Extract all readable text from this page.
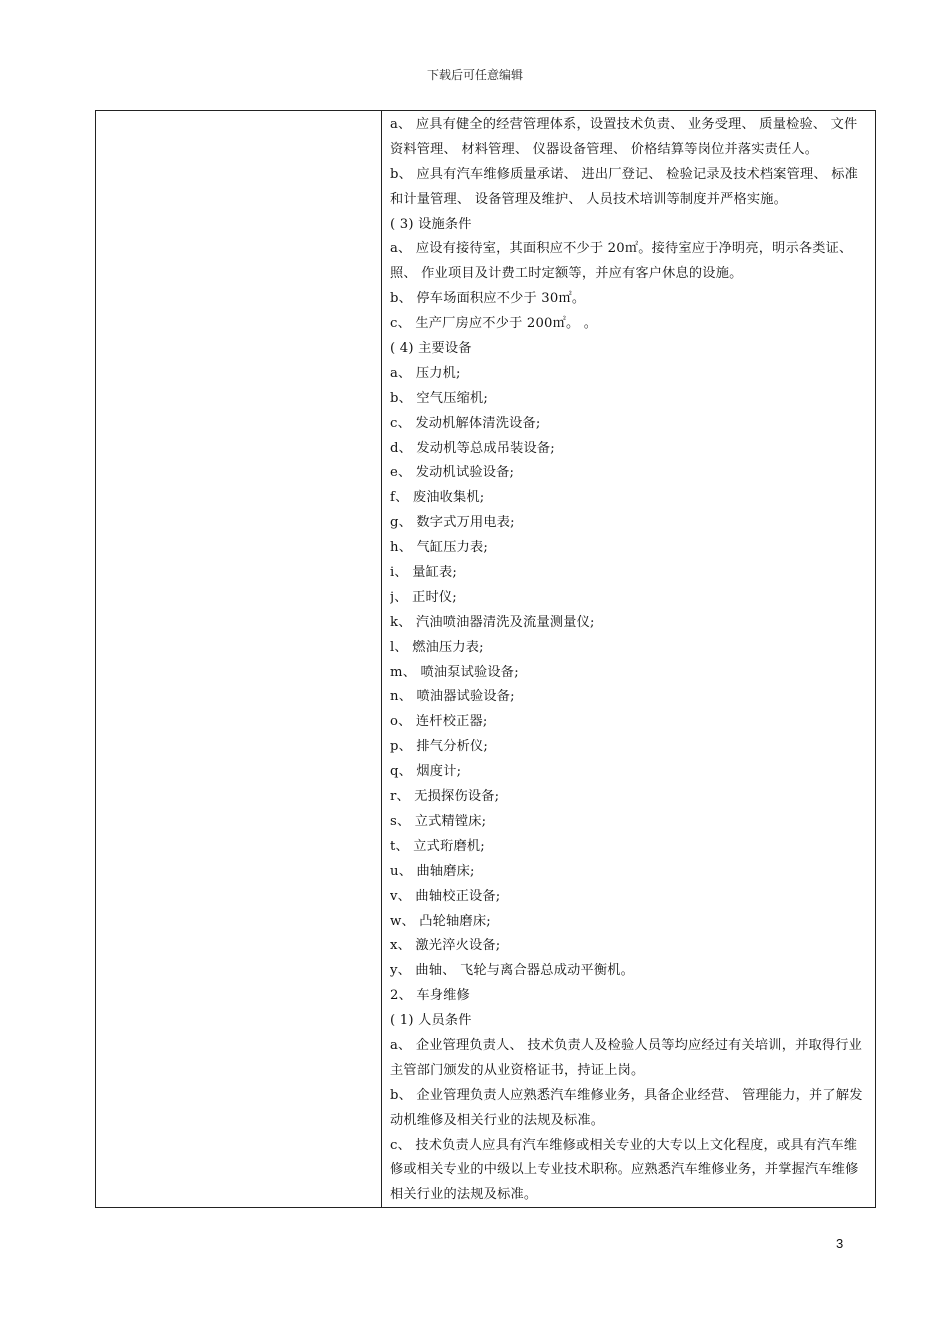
下载后可任意编辑
a、 应具有健全的经营管理体系，设置技术负责、 业务受理、 质量检验、 文件
资料管理、 材料管理、 仪器设备管理、 价格结算等岗位并落实责任人。
b、 应具有汽车维修质量承诺、 进出厂登记、 检验记录及技术档案管理、 标准
和计量管理、 设备管理及维护、 人员技术培训等制度并严格实施。
( 3) 设施条件
a、 应设有接待室，其面积应不少于 20㎡。接待室应于净明亮，明示各类证、
照、 作业项目及计费工时定额等，并应有客户休息的设施。
b、 停车场面积应不少于 30㎡。
c、 生产厂房应不少于 200㎡。 。
( 4) 主要设备
a、 压力机;
b、 空气压缩机;
c、 发动机解体清洗设备;
d、 发动机等总成吊装设备;
e、 发动机试验设备;
f、 废油收集机;
g、 数字式万用电表;
h、 气缸压力表;
i、 量缸表;
j、 正时仪;
k、 汽油喷油器清洗及流量测量仪;
l、 燃油压力表;
m、 喷油泵试验设备;
n、 喷油器试验设备;
o、 连杆校正器;
p、 排气分析仪;
q、 烟度计;
r、 无损探伤设备;
s、 立式精镗床;
t、 立式珩磨机;
u、 曲轴磨床;
v、 曲轴校正设备;
w、 凸轮轴磨床;
x、 激光淬火设备;
y、 曲轴、 飞轮与离合器总成动平衡机。
2、 车身维修
( 1) 人员条件
a、 企业管理负责人、 技术负责人及检验人员等均应经过有关培训，并取得行业
主管部门颁发的从业资格证书，持证上岗。
b、 企业管理负责人应熟悉汽车维修业务，具备企业经营、 管理能力，并了解发
动机维修及相关行业的法规及标准。
c、 技术负责人应具有汽车维修或相关专业的大专以上文化程度，或具有汽车维
修或相关专业的中级以上专业技术职称。应熟悉汽车维修业务，并掌握汽车维修
相关行业的法规及标准。
3
